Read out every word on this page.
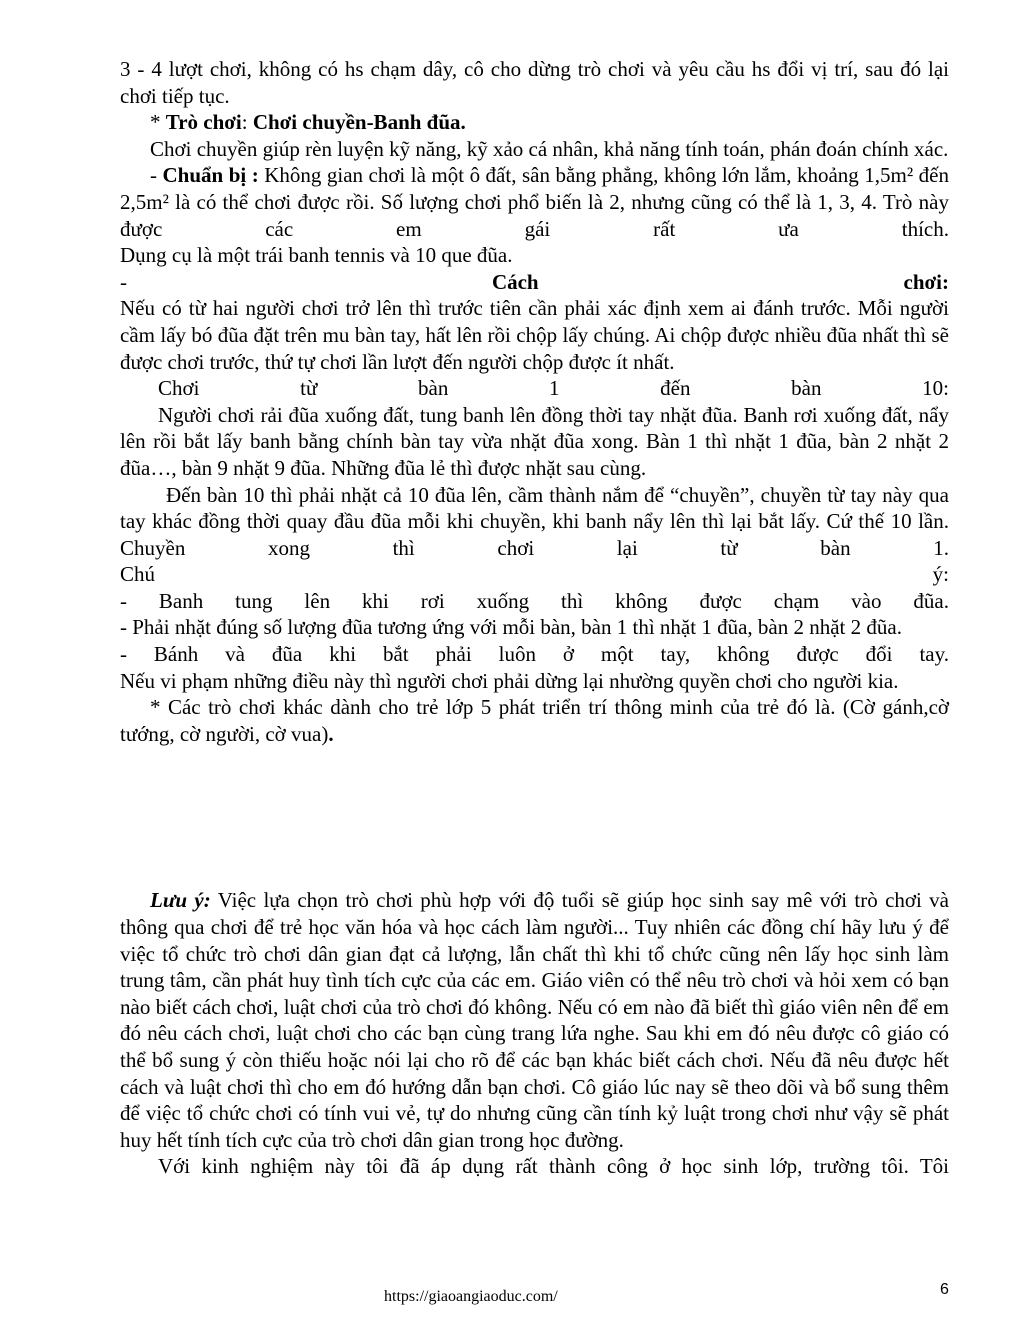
3 - 4 lượt chơi, không có hs chạm dây, cô cho dừng trò chơi và yêu cầu hs đổi vị trí, sau đó lại chơi tiếp tục.

* Trò chơi: Chơi chuyền-Banh đũa.

Chơi chuyền giúp rèn luyện kỹ năng, kỹ xảo cá nhân, khả năng tính toán, phán đoán chính xác.

- Chuẩn bị : Không gian chơi là một ô đất, sân bằng phẳng, không lớn lắm, khoảng 1,5m² đến 2,5m² là có thể chơi được rồi. Số lượng chơi phổ biến là 2, nhưng cũng có thể là 1, 3, 4. Trò này được các em gái rất ưa thích.

Dụng cụ là một trái banh tennis và 10 que đũa.

-	Cách chơi:

Nếu có từ hai người chơi trở lên thì trước tiên cần phải xác định xem ai đánh trước. Mỗi người cầm lấy bó đũa đặt trên mu bàn tay, hất lên rồi chộp lấy chúng. Ai chộp được nhiều đũa nhất thì sẽ được chơi trước, thứ tự chơi lần lượt đến người chộp được ít nhất.

Chơi từ bàn 1 đến bàn 10:

Người chơi rải đũa xuống đất, tung banh lên đồng thời tay nhặt đũa. Banh rơi xuống đất, nẩy lên rồi bắt lấy banh bằng chính bàn tay vừa nhặt đũa xong. Bàn 1 thì nhặt 1 đũa, bàn 2 nhặt 2 đũa…, bàn 9 nhặt 9 đũa. Những đũa lẻ thì được nhặt sau cùng.

Đến bàn 10 thì phải nhặt cả 10 đũa lên, cầm thành nắm để “chuyền”, chuyền từ tay này qua tay khác đồng thời quay đầu đũa mỗi khi chuyền, khi banh nẩy lên thì lại bắt lấy. Cứ thế 10 lần. Chuyền xong thì chơi lại từ bàn 1.

Chú ý:

- Banh tung lên khi rơi xuống thì không được chạm vào đũa.

- Phải nhặt đúng số lượng đũa tương ứng với mỗi bàn, bàn 1 thì nhặt 1 đũa, bàn 2 nhặt 2 đũa.

- Bánh và đũa khi bắt phải luôn ở một tay, không được đổi tay.

Nếu vi phạm những điều này thì người chơi phải dừng lại nhường quyền chơi cho người kia.

* Các trò chơi khác dành cho trẻ lớp 5 phát triển trí thông minh của trẻ đó là. (Cờ gánh,cờ tướng, cờ người, cờ vua).

Lưu ý: Việc lựa chọn trò chơi phù hợp với độ tuổi sẽ giúp học sinh say mê với trò chơi và thông qua chơi để trẻ học văn hóa và học cách làm người... Tuy nhiên các đồng chí hãy lưu ý để việc tổ chức trò chơi dân gian đạt cả lượng, lẫn chất thì khi tổ chức cũng nên lấy học sinh làm trung tâm, cần phát huy tình tích cực của các em. Giáo viên có thể nêu trò chơi và hỏi xem có bạn nào biết cách chơi, luật chơi của trò chơi đó không. Nếu có em nào đã biết thì giáo viên nên để em đó nêu cách chơi, luật chơi cho các bạn cùng trang lứa nghe. Sau khi em đó nêu được cô giáo có thể bổ sung ý còn thiếu hoặc nói lại cho rõ để các bạn khác biết cách chơi. Nếu đã nêu được hết cách và luật chơi thì cho em đó hướng dẫn bạn chơi. Cô giáo lúc nay sẽ theo dõi và bổ sung thêm để việc tổ chức chơi có tính vui vẻ, tự do nhưng cũng cần tính kỷ luật trong chơi như vậy sẽ phát huy hết tính tích cực của trò chơi dân gian trong học đường.

Với kinh nghiệm này tôi đã áp dụng rất thành công ở học sinh lớp, trường tôi. Tôi

https://giaoangiaoduc.com/	6
